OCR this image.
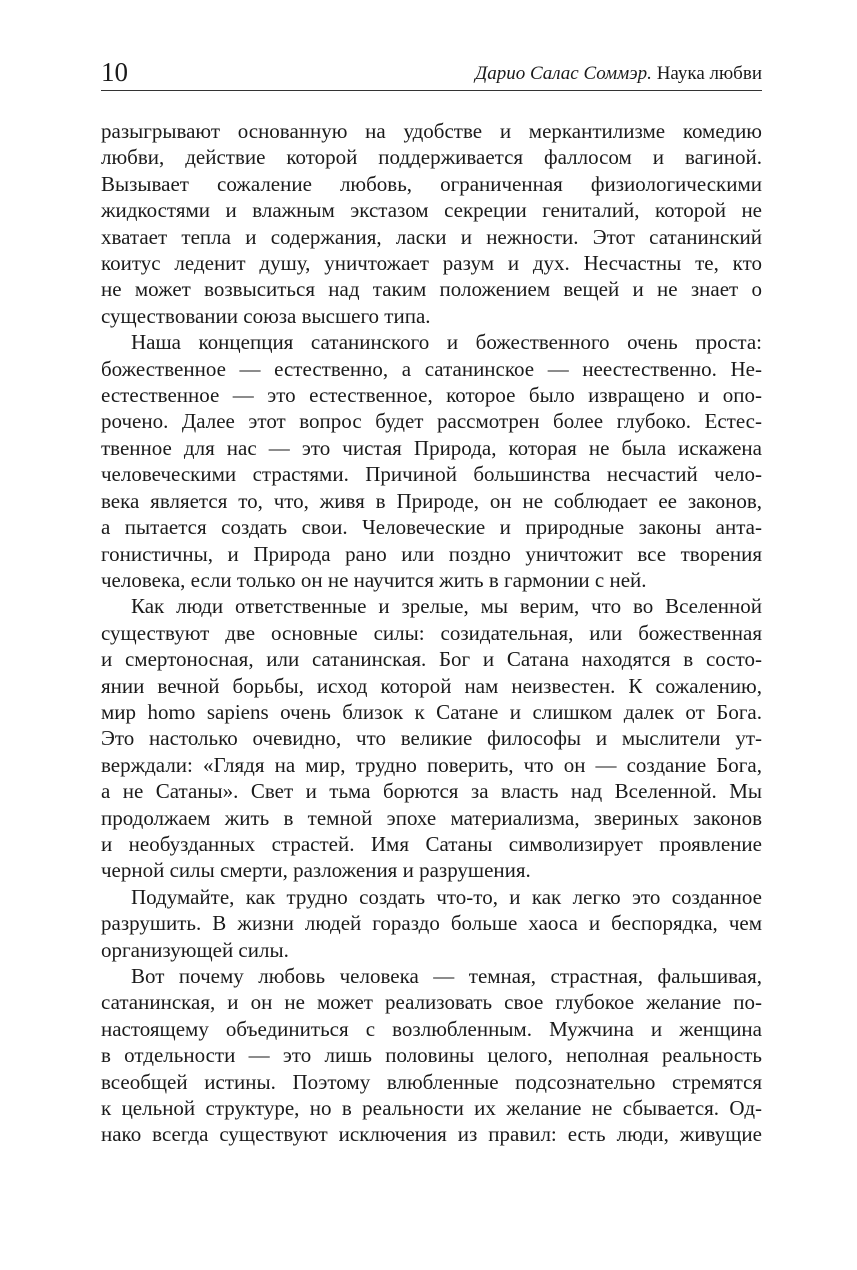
10	Дарио Салас Соммэр. Наука любви

разыгрывают основанную на удобстве и меркантилизме комедию
любви, действие которой поддерживается фаллосом и вагиной.
Вызывает сожаление любовь, ограниченная физиологическими
жидкостями и влажным экстазом секреции гениталий, которой не
хватает тепла и содержания, ласки и нежности. Этот сатанинский
коитус леденит душу, уничтожает разум и дух. Несчастны те, кто
не может возвыситься над таким положением вещей и не знает о
существовании союза высшего типа.

Наша концепция сатанинского и божественного очень проста:
божественное — естественно, а сатанинское — неестественно. Не-
естественное — это естественное, которое было извращено и опо-
рочено. Далее этот вопрос будет рассмотрен более глубоко. Естес-
твенное для нас — это чистая Природа, которая не была искажена
человеческими страстями. Причиной большинства несчастий чело-
века является то, что, живя в Природе, он не соблюдает ее законов,
а пытается создать свои. Человеческие и природные законы анта-
гонистичны, и Природа рано или поздно уничтожит все творения
человека, если только он не научится жить в гармонии с ней.

Как люди ответственные и зрелые, мы верим, что во Вселенной
существуют две основные силы: созидательная, или божественная
и смертоносная, или сатанинская. Бог и Сатана находятся в состо-
янии вечной борьбы, исход которой нам неизвестен. К сожалению,
мир homo sapiens очень близок к Сатане и слишком далек от Бога.
Это настолько очевидно, что великие философы и мыслители ут-
верждали: «Глядя на мир, трудно поверить, что он — создание Бога,
а не Сатаны». Свет и тьма борются за власть над Вселенной. Мы
продолжаем жить в темной эпохе материализма, звериных законов
и необузданных страстей. Имя Сатаны символизирует проявление
черной силы смерти, разложения и разрушения.

Подумайте, как трудно создать что-то, и как легко это созданное
разрушить. В жизни людей гораздо больше хаоса и беспорядка, чем
организующей силы.

Вот почему любовь человека — темная, страстная, фальшивая,
сатанинская, и он не может реализовать свое глубокое желание по-
настоящему объединиться с возлюбленным. Мужчина и женщина
в отдельности — это лишь половины целого, неполная реальность
всеобщей истины. Поэтому влюбленные подсознательно стремятся
к цельной структуре, но в реальности их желание не сбывается. Од-
нако всегда существуют исключения из правил: есть люди, живущие
